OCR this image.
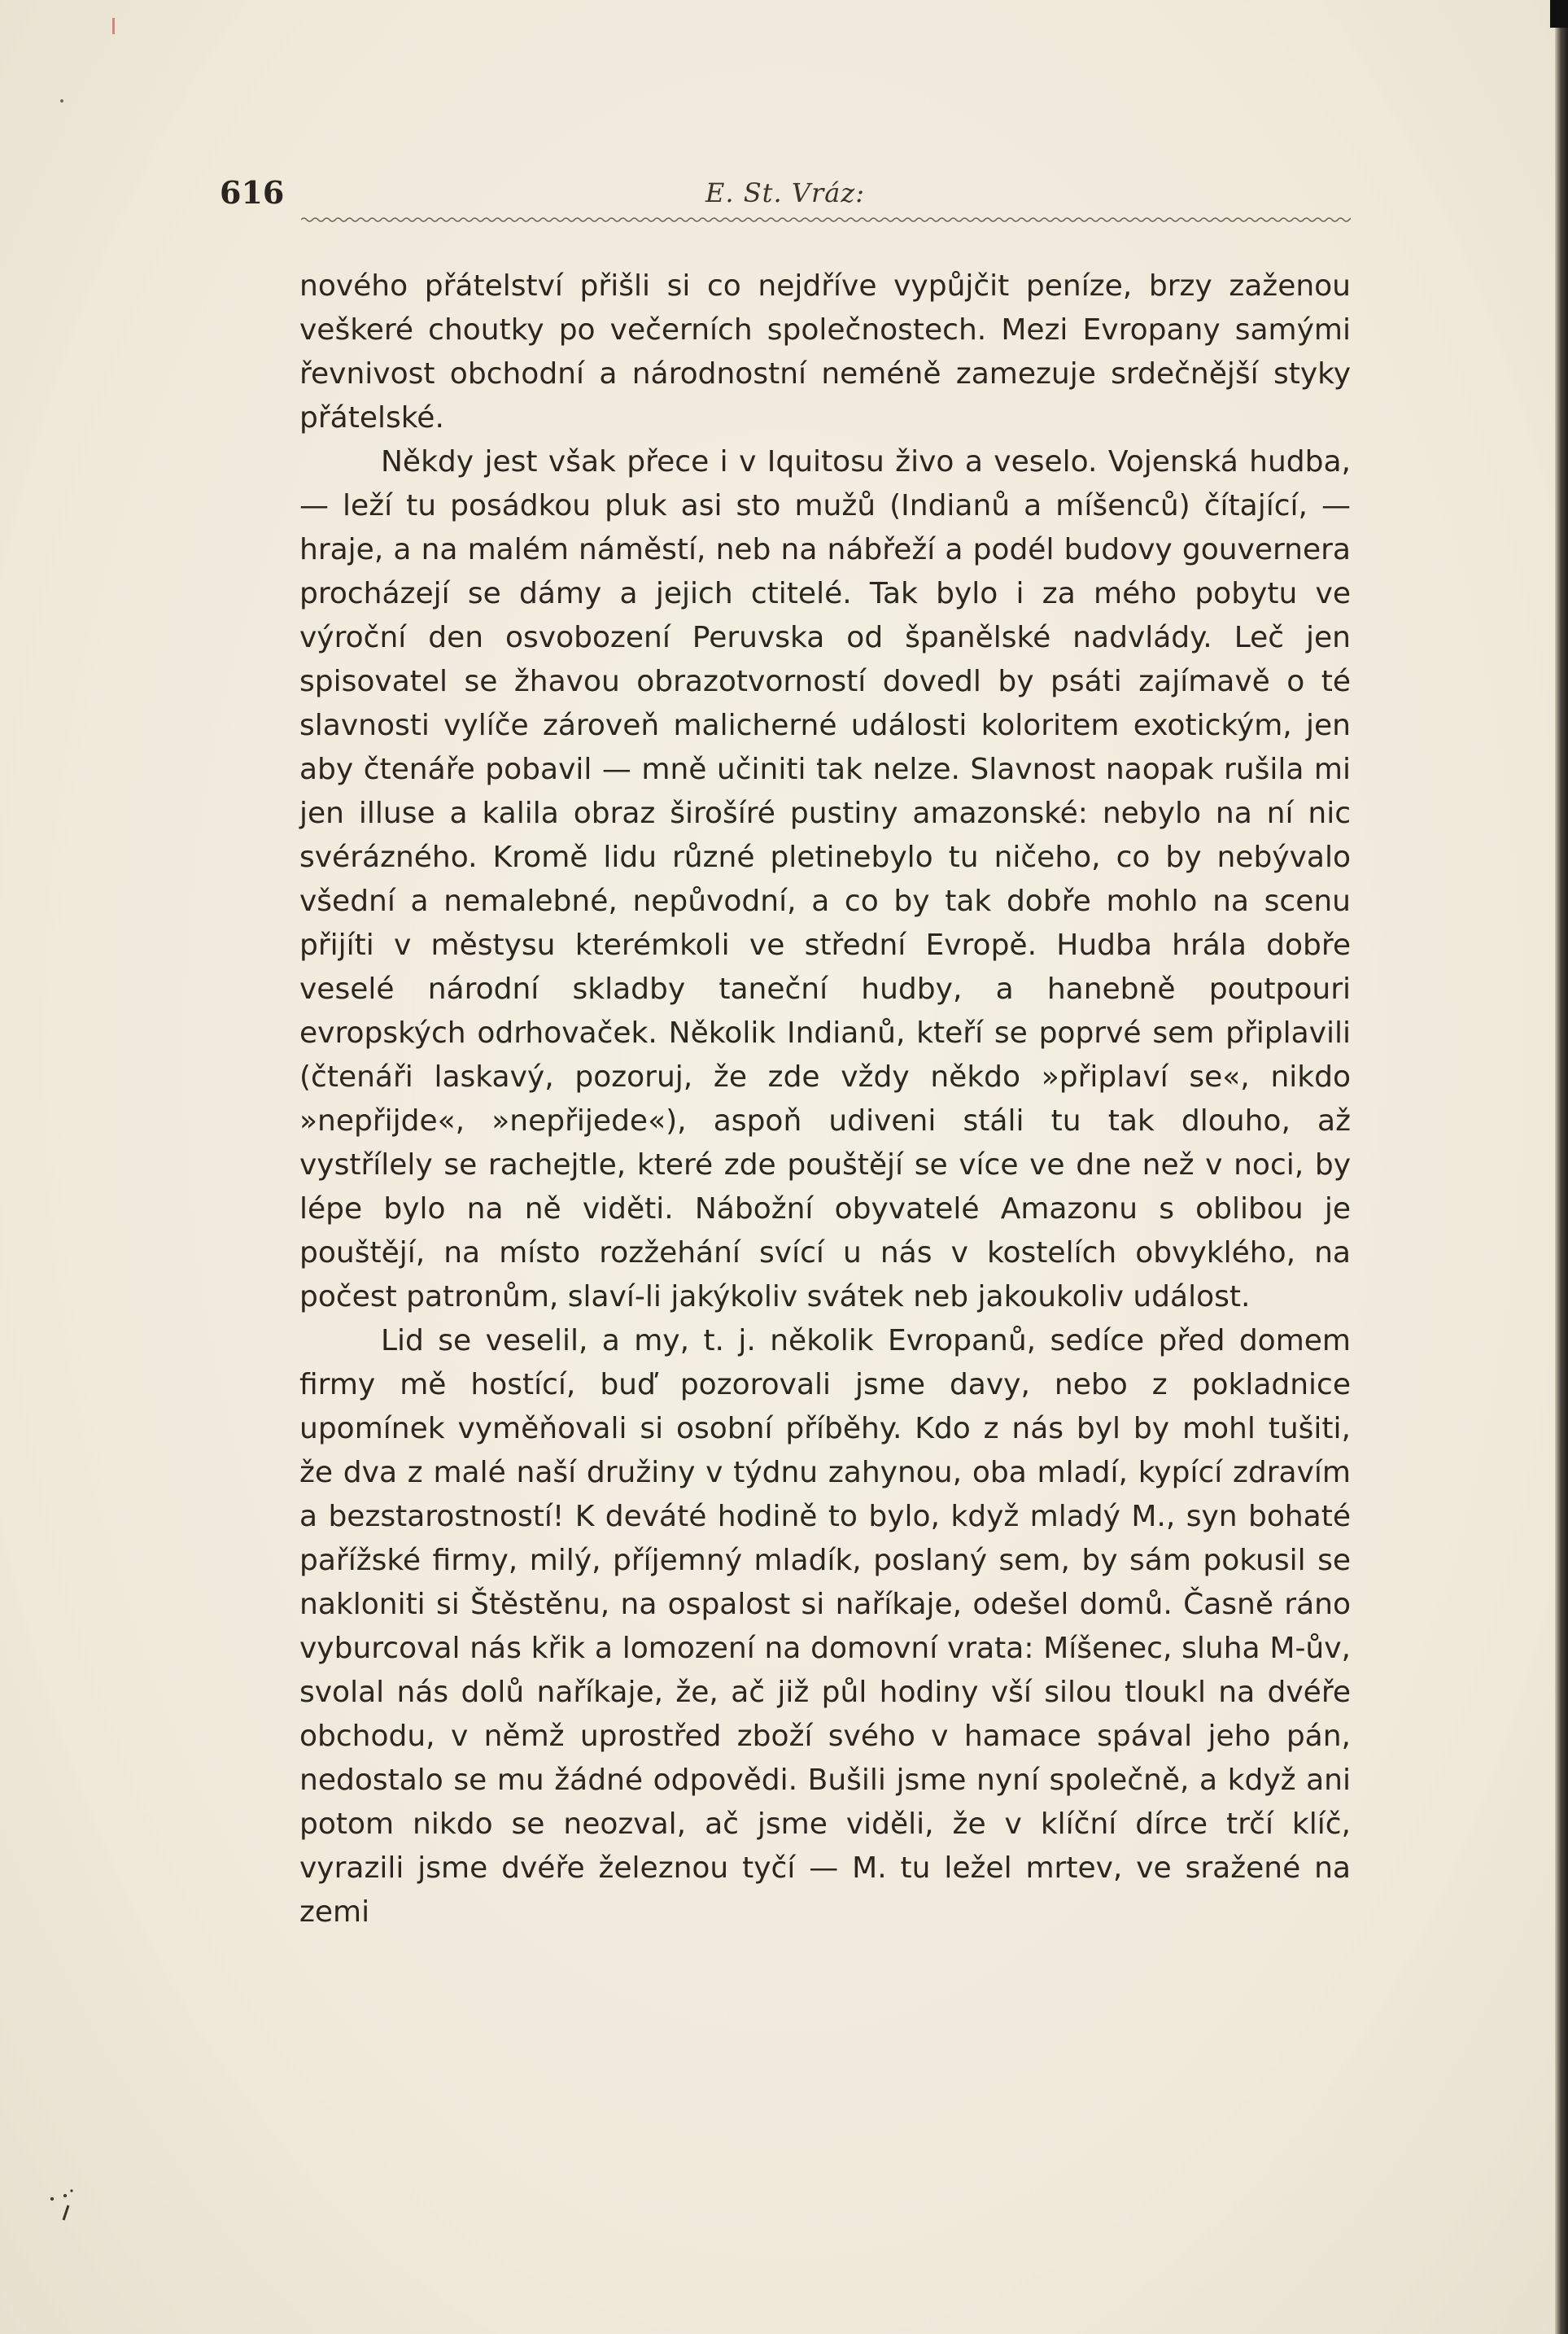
616	E. St. Vráz:

nového přátelství přišli si co nejdříve vypůjčit peníze, brzy zaženou veškeré choutky po večerních společnostech. Mezi Evropany samými řevnivost obchodní a národnostní neméně zamezuje srdečnější styky přátelské.

Někdy jest však přece i v Iquitosu živo a veselo. Vojenská hudba, — leží tu posádkou pluk asi sto mužů (Indianů a míšenců) čítající, — hraje, a na malém náměstí, neb na nábřeží a podél budovy gouvernera procházejí se dámy a jejich ctitelé. Tak bylo i za mého pobytu ve výroční den osvobození Peruvska od španělské nadvlády. Leč jen spisovatel se žhavou obrazotvorností dovedl by psáti zajímavě o té slavnosti vylíče zároveň malicherné události koloritem exotickým, jen aby čtenáře pobavil — mně učiniti tak nelze. Slavnost naopak rušila mi jen illuse a kalila obraz širošíré pustiny amazonské: nebylo na ní nic svérázného. Kromě lidu různé pletinebylo tu ničeho, co by nebývalo všední a nemalebné, nepůvodní, a co by tak dobře mohlo na scenu přijíti v městysu kterémkoli ve střední Evropě. Hudba hrála dobře veselé národní skladby taneční hudby, a hanebně poutpouri evropských odrhovaček. Několik Indianů, kteří se poprvé sem připlavili (čtenáři laskavý, pozoruj, že zde vždy někdo »připlaví se«, nikdo »nepřijde«, »nepřijede«), aspoň udiveni stáli tu tak dlouho, až vystřílely se rachejtle, které zde pouštějí se více ve dne než v noci, by lépe bylo na ně viděti. Nábožní obyvatelé Amazonu s oblibou je pouštějí, na místo rozžehání svící u nás v kostelích obvyklého, na počest patronům, slaví-li jakýkoliv svátek neb jakoukoliv událost.

Lid se veselil, a my, t. j. několik Evropanů, sedíce před domem firmy mě hostící, buď pozorovali jsme davy, nebo z pokladnice upomínek vyměňovali si osobní příběhy. Kdo z nás byl by mohl tušiti, že dva z malé naší družiny v týdnu zahynou, oba mladí, kypící zdravím a bezstarostností! K deváté hodině to bylo, když mladý M., syn bohaté pařížské firmy, milý, příjemný mladík, poslaný sem, by sám pokusil se nakloniti si Štěstěnu, na ospalost si naříkaje, odešel domů. Časně ráno vyburcoval nás křik a lomození na domovní vrata: Míšenec, sluha M-ův, svolal nás dolů naříkaje, že, ač již půl hodiny vší silou tloukl na dvéře obchodu, v němž uprostřed zboží svého v hamace spával jeho pán, nedostalo se mu žádné odpovědi. Bušili jsme nyní společně, a když ani potom nikdo se neozval, ač jsme viděli, že v klíční dírce trčí klíč, vyrazili jsme dvéře železnou tyčí — M. tu ležel mrtev, ve sražené na zemi
